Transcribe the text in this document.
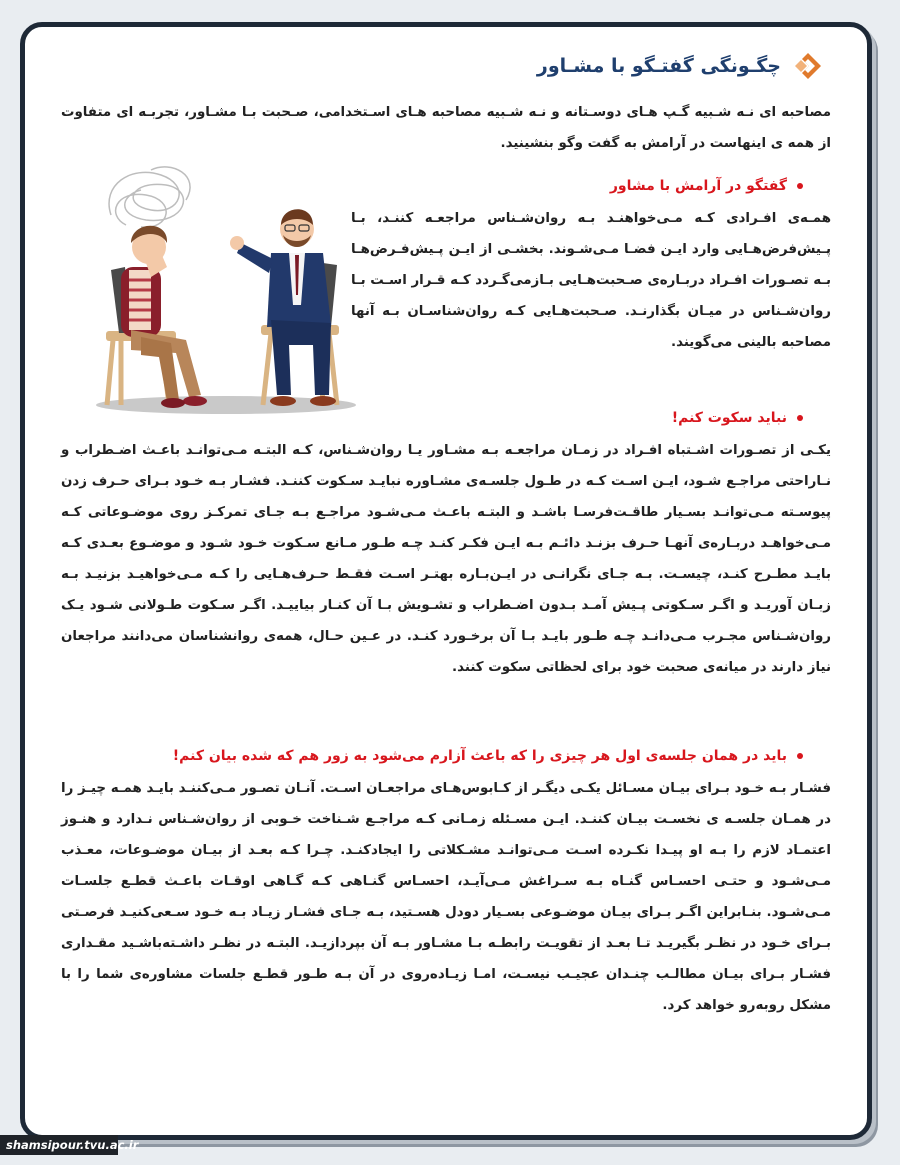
چگـونگی گفتـگو با مشـاور

مصاحبه ای نـه شـبیه گـپ هـای دوسـتانه و نـه شـبیه مصاحبه هـای اسـتخدامی، صـحبت بـا مشـاور، تجربـه ای متفاوت از همه ی اینهاست در آرامش به گفت وگو بنشینید.

گفتگو در آرامش با مشاور

همـه‌ی افـرادی کـه مـی‌خواهنـد بـه روان‌شـناس مراجعـه کننـد، بـا پـیش‌فرض‌هـایی وارد ایـن فضـا مـی‌شـوند. بخشـی از ایـن پـیش‌فـرض‌هـا بـه تصـورات افـراد دربـاره‌ی صـحبت‌هـایی بـازمی‌گـردد کـه قـرار اسـت بـا روان‌شـناس در میـان بگذارنـد. صـحبت‌هـایی کـه روان‌شناسـان بـه آنها مصاحبه بالینی می‌گویند.

نباید سکوت کنم!

یکـی از تصـورات اشـتباه افـراد در زمـان مراجعـه بـه مشـاور یـا روان‌شـناس، کـه البتـه مـی‌توانـد باعـث اضـطراب و نـاراحتی مراجـع شـود، ایـن اسـت کـه در طـول جلسـه‌ی مشـاوره نبایـد سـکوت کننـد. فشـار بـه خـود بـرای حـرف زدن پیوسـته مـی‌توانـد بسـیار طاقـت‌فرسـا باشـد و البتـه باعـث مـی‌شـود مراجـع بـه جـای تمرکـز روی موضـوعاتی کـه مـی‌خواهـد دربـاره‌ی آنهـا حـرف بزنـد دائـم بـه ایـن فکـر کنـد چـه طـور مـانع سـکوت خـود شـود و موضـوع بعـدی کـه بایـد مطـرح کنـد، چیسـت. بـه جـای نگرانـی در ایـن‌بـاره بهتـر اسـت فقـط حـرف‌هـایی را کـه مـی‌خواهیـد بزنیـد بـه زبـان آوریـد و اگـر سـکوتی پـیش آمـد بـدون اضـطراب و تشـویش بـا آن کنـار بیاییـد. اگـر سـکوت طـولانی شـود یـک روان‌شـناس مجـرب مـی‌دانـد چـه طـور بایـد بـا آن برخـورد کنـد. در عـین حـال، همه‌ی روانشناسان می‌دانند مراجعان نیاز دارند در میانه‌ی صحبت خود برای لحظاتی سکوت کنند.

باید در همان جلسه‌ی اول هر چیزی را که باعث آزارم می‌شود به زور هم که شده بیان کنم!

فشـار بـه خـود بـرای بیـان مسـائل یکـی دیگـر از کـابوس‌هـای مراجعـان اسـت. آنـان تصـور مـی‌کننـد بایـد همـه چیـز را در همـان جلسـه ی نخسـت بیـان کننـد. ایـن مسـئله زمـانی کـه مراجـع شـناخت خـوبی از روان‌شـناس نـدارد و هنـوز اعتمـاد لازم را بـه او پیـدا نکـرده اسـت مـی‌توانـد مشـکلاتی را ایجادکنـد. چـرا کـه بعـد از بیـان موضـوعات، معـذب مـی‌شـود و حتـی احسـاس گنـاه بـه سـراغش مـی‌آیـد، احسـاس گنـاهی کـه گـاهی اوقـات باعـث قطـع جلسـات مـی‌شـود. بنـابراین اگـر بـرای بیـان موضـوعی بسـیار دودل هسـتید، بـه جـای فشـار زیـاد بـه خـود سـعی‌کنیـد فرصـتی بـرای خـود در نظـر بگیریـد تـا بعـد از تقویـت رابطـه بـا مشـاور بـه آن بپردازیـد. البتـه در نظـر داشـته‌باشـید مقـداری فشـار بـرای بیـان مطالـب چنـدان عجیـب نیسـت، امـا زیـاده‌روی در آن بـه طـور قطـع جلسات مشاوره‌ی شما را با مشکل روبه‌رو خواهد کرد.

shamsipour.tvu.ac.ir
